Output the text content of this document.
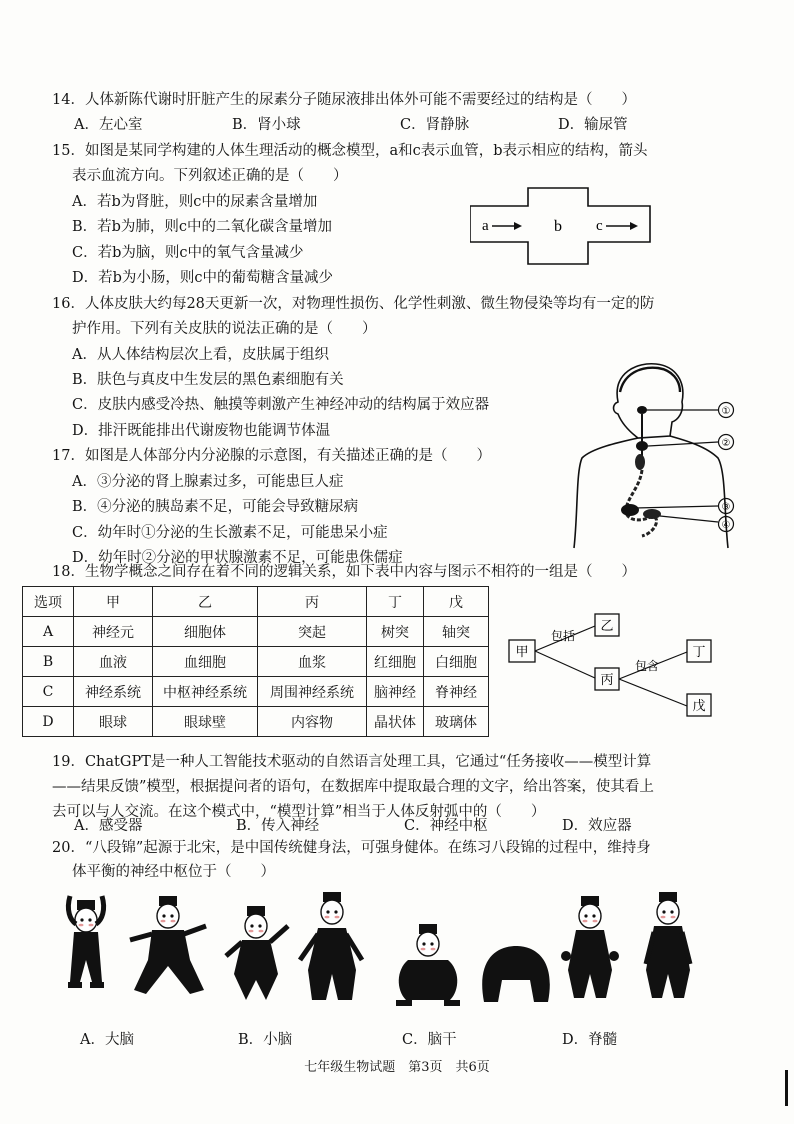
14．人体新陈代谢时肝脏产生的尿素分子随尿液排出体外可能不需要经过的结构是（　　）
A．左心室	B．肾小球	C．肾静脉	D．输尿管
15．如图是某同学构建的人体生理活动的概念模型，a和c表示血管，b表示相应的结构，箭头
表示血流方向。下列叙述正确的是（　　）
A．若b为肾脏，则c中的尿素含量增加
B．若b为肺，则c中的二氧化碳含量增加
C．若b为脑，则c中的氧气含量减少
D．若b为小肠，则c中的葡萄糖含量减少
a	b c
16．人体皮肤大约每28天更新一次，对物理性损伤、化学性刺激、微生物侵染等均有一定的防
护作用。下列有关皮肤的说法正确的是（　　）
A．从人体结构层次上看，皮肤属于组织
B．肤色与真皮中生发层的黑色素细胞有关
C．皮肤内感受冷热、触摸等刺激产生神经冲动的结构属于效应器
D．排汗既能排出代谢废物也能调节体温
17．如图是人体部分内分泌腺的示意图，有关描述正确的是（　　）
A．③分泌的肾上腺素过多，可能患巨人症
B．④分泌的胰岛素不足，可能会导致糖尿病
C．幼年时①分泌的生长激素不足，可能患呆小症
D．幼年时②分泌的甲状腺激素不足，可能患侏儒症
①
②
③
④
18．生物学概念之间存在着不同的逻辑关系，如下表中内容与图示不相符的一组是（　　）
选项	甲	乙	丙	丁	戊
A	神经元	细胞体	突起	树突	轴突
B	血液	血细胞	血浆	红细胞	白细胞
C	神经系统	中枢神经系统	周围神经系统	脑神经	脊神经
D	眼球	眼球壁	内容物	晶状体	玻璃体
甲
包括
乙
丙
包含
丁
戊
19．ChatGPT是一种人工智能技术驱动的自然语言处理工具，它通过“任务接收——模型计算
——结果反馈”模型，根据提问者的语句，在数据库中提取最合理的文字，给出答案，使其看上
去可以与人交流。在这个模式中，“模型计算”相当于人体反射弧中的（　　）
A．感受器	B．传入神经	C．神经中枢	D．效应器
20．“八段锦”起源于北宋，是中国传统健身法，可强身健体。在练习八段锦的过程中，维持身
体平衡的神经中枢位于（　　）
A．大脑	B．小脑	C．脑干	D．脊髓
七年级生物试题　第3页　共6页
